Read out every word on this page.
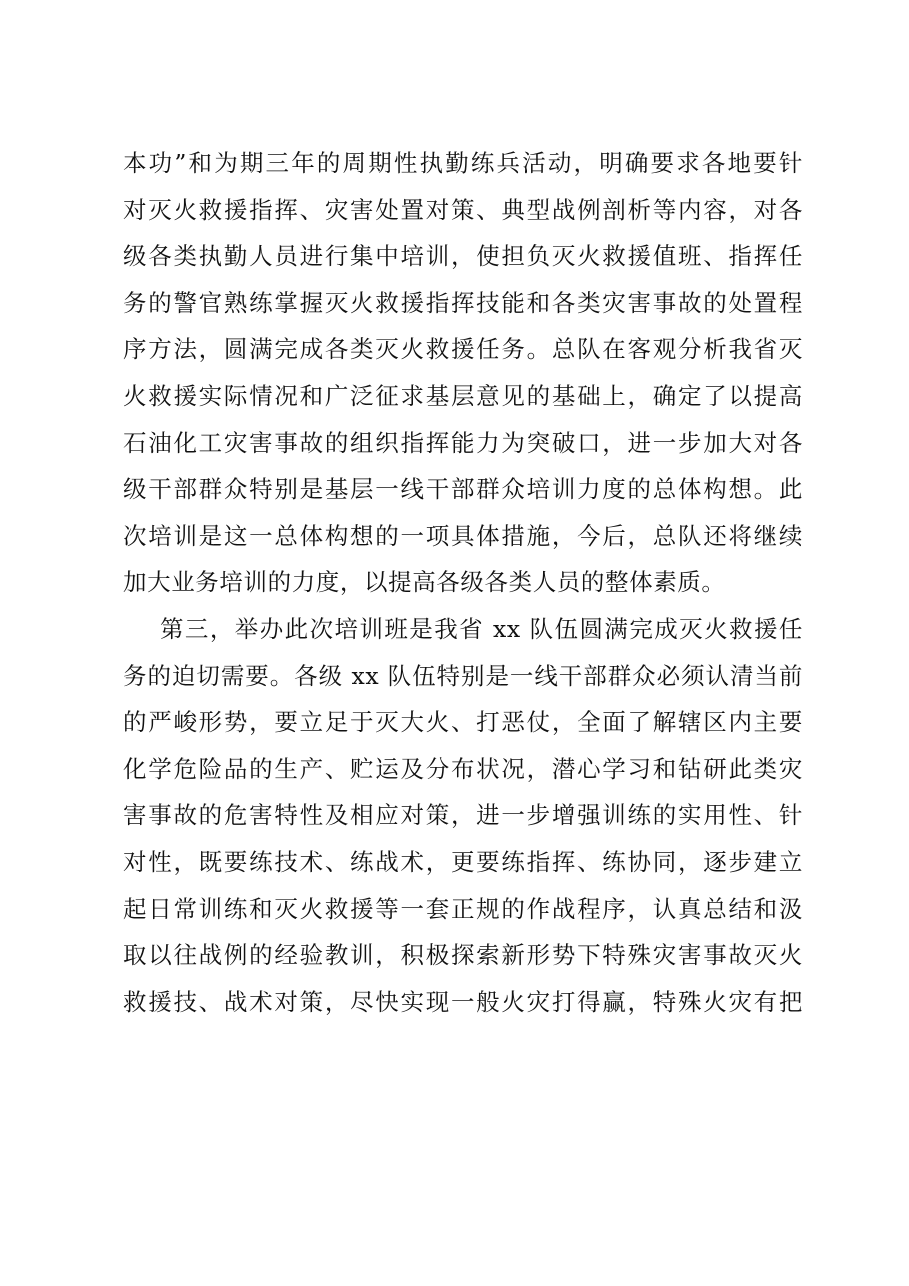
本功”和为期三年的周期性执勤练兵活动，明确要求各地要针
对灭火救援指挥、灾害处置对策、典型战例剖析等内容，对各
级各类执勤人员进行集中培训，使担负灭火救援值班、指挥任
务的警官熟练掌握灭火救援指挥技能和各类灾害事故的处置程
序方法，圆满完成各类灭火救援任务。总队在客观分析我省灭
火救援实际情况和广泛征求基层意见的基础上，确定了以提高
石油化工灾害事故的组织指挥能力为突破口，进一步加大对各
级干部群众特别是基层一线干部群众培训力度的总体构想。此
次培训是这一总体构想的一项具体措施，今后，总队还将继续
加大业务培训的力度，以提高各级各类人员的整体素质。
第三，举办此次培训班是我省 xx 队伍圆满完成灭火救援任
务的迫切需要。各级 xx 队伍特别是一线干部群众必须认清当前
的严峻形势，要立足于灭大火、打恶仗，全面了解辖区内主要
化学危险品的生产、贮运及分布状况，潜心学习和钻研此类灾
害事故的危害特性及相应对策，进一步增强训练的实用性、针
对性，既要练技术、练战术，更要练指挥、练协同，逐步建立
起日常训练和灭火救援等一套正规的作战程序，认真总结和汲
取以往战例的经验教训，积极探索新形势下特殊灾害事故灭火
救援技、战术对策，尽快实现一般火灾打得赢，特殊火灾有把
